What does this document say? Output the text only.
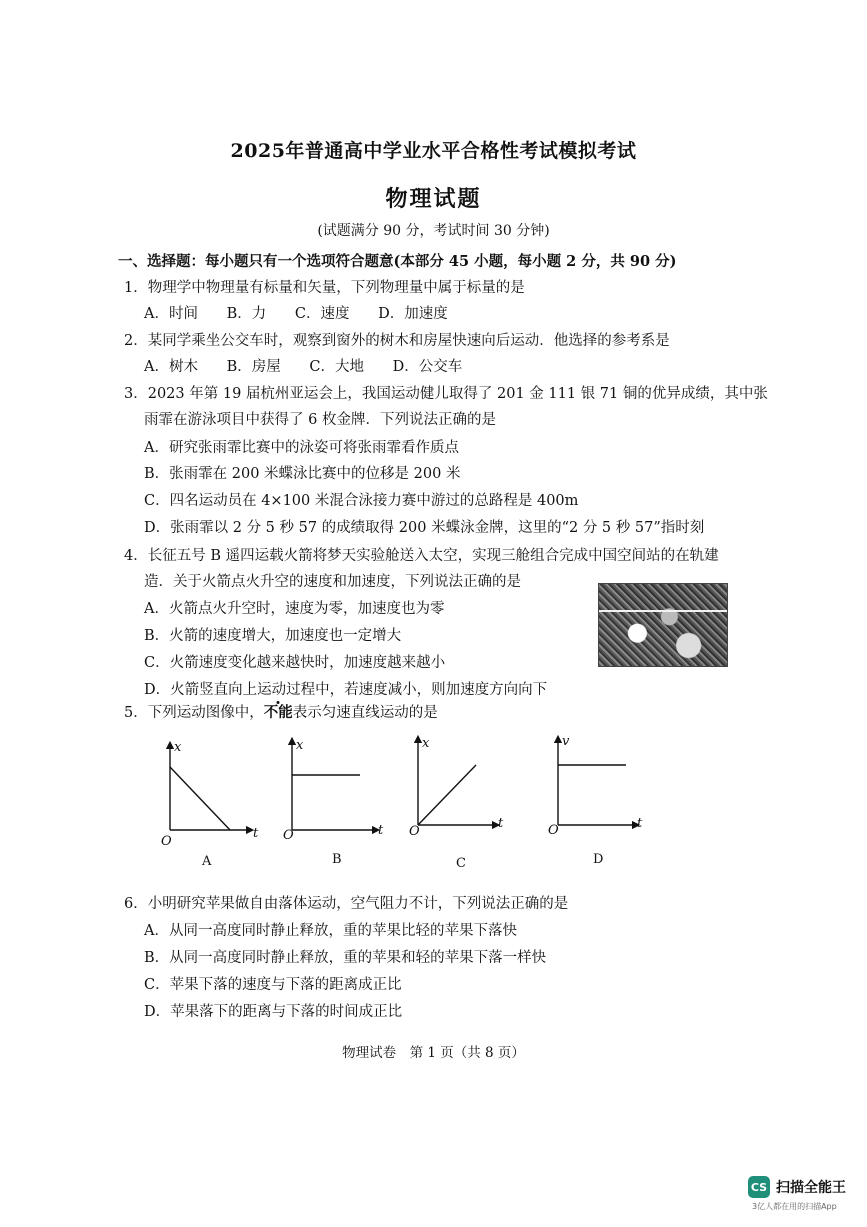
2025年普通高中学业水平合格性考试模拟考试
物理试题
(试题满分 90 分，考试时间 30 分钟)
一、选择题：每小题只有一个选项符合题意(本部分 45 小题，每小题 2 分，共 90 分)
1．物理学中物理量有标量和矢量，下列物理量中属于标量的是
A．时间 B．力 C．速度 D．加速度
2．某同学乘坐公交车时，观察到窗外的树木和房屋快速向后运动．他选择的参考系是
A．树木 B．房屋 C．大地 D．公交车
3．2023 年第 19 届杭州亚运会上，我国运动健儿取得了 201 金 111 银 71 铜的优异成绩，其中张
雨霏在游泳项目中获得了 6 枚金牌．下列说法正确的是
A．研究张雨霏比赛中的泳姿可将张雨霏看作质点
B．张雨霏在 200 米蝶泳比赛中的位移是 200 米
C．四名运动员在 4×100 米混合泳接力赛中游过的总路程是 400m
D．张雨霏以 2 分 5 秒 57 的成绩取得 200 米蝶泳金牌，这里的“2 分 5 秒 57”指时刻
4．长征五号 B 遥四运载火箭将梦天实验舱送入太空，实现三舱组合完成中国空间站的在轨建
造．关于火箭点火升空的速度和加速度，下列说法正确的是
A．火箭点火升空时，速度为零，加速度也为零
B．火箭的速度增大，加速度也一定增大
C．火箭速度变化越来越快时，加速度越来越小
D．火箭竖直向上运动过程中，若速度减小，则加速度方向向下
5．下列运动图像中，不能表示匀速直线运动的是
x
t
O
A
x
t
O
B
x
t
O
C
v
t
O
D
6．小明研究苹果做自由落体运动，空气阻力不计，下列说法正确的是
A．从同一高度同时静止释放，重的苹果比轻的苹果下落快
B．从同一高度同时静止释放，重的苹果和轻的苹果下落一样快
C．苹果下落的速度与下落的距离成正比
D．苹果落下的距离与下落的时间成正比
物理试卷　第 1 页（共 8 页）
CS 扫描全能王
3亿人都在用的扫描App
